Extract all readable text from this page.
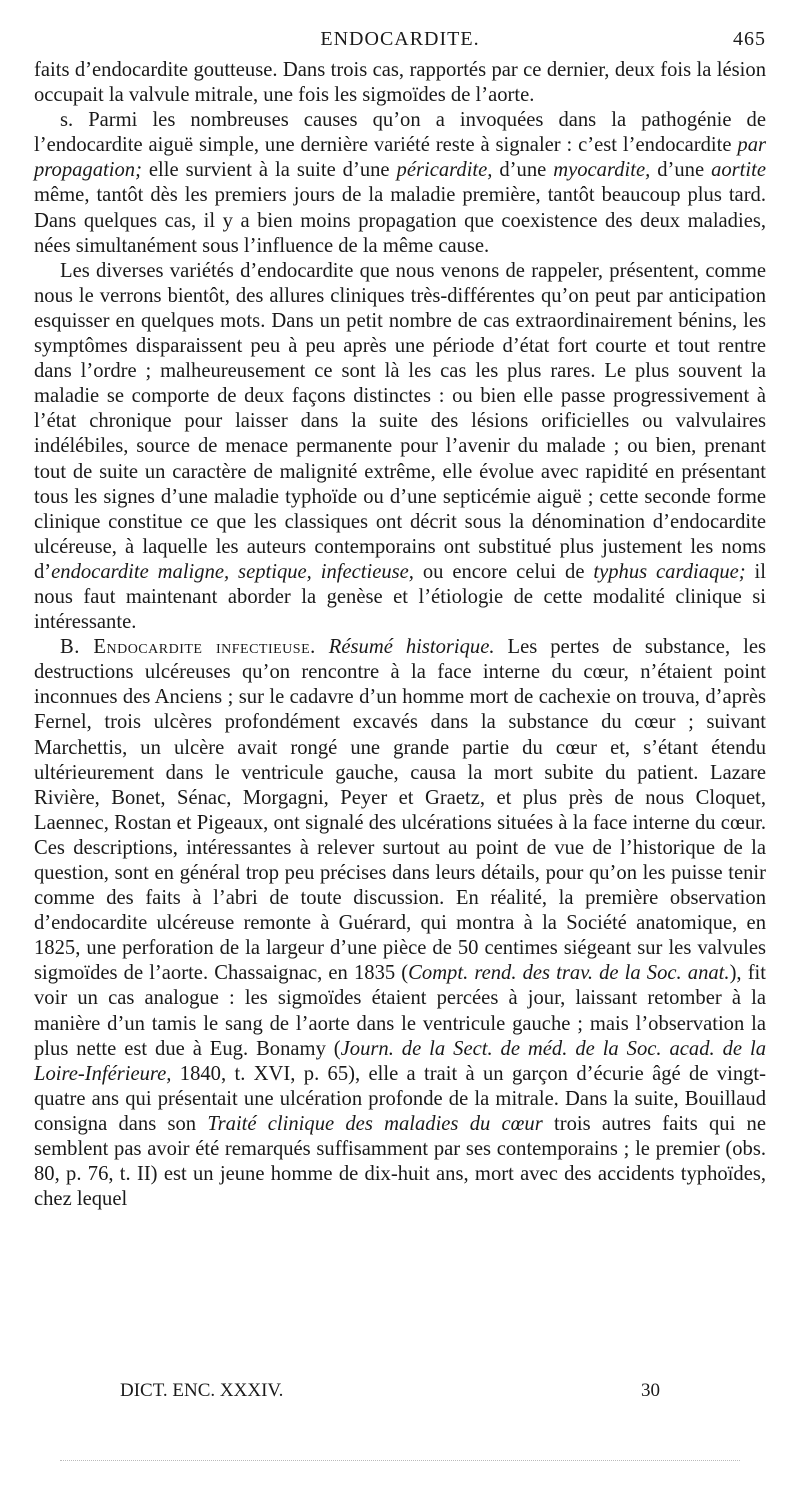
ENDOCARDITE.	465

faits d’endocardite goutteuse. Dans trois cas, rapportés par ce dernier, deux fois la lésion occupait la valvule mitrale, une fois les sigmoïdes de l’aorte.

s. Parmi les nombreuses causes qu’on a invoquées dans la pathogénie de l’endocardite aiguë simple, une dernière variété reste à signaler : c’est l’endocardite par propagation; elle survient à la suite d’une péricardite, d’une myocardite, d’une aortite même, tantôt dès les premiers jours de la maladie première, tantôt beaucoup plus tard. Dans quelques cas, il y a bien moins propagation que coexistence des deux maladies, nées simultanément sous l’influence de la même cause.

Les diverses variétés d’endocardite que nous venons de rappeler, présentent, comme nous le verrons bientôt, des allures cliniques très-différentes qu’on peut par anticipation esquisser en quelques mots. Dans un petit nombre de cas extraordinairement bénins, les symptômes disparaissent peu à peu après une période d’état fort courte et tout rentre dans l’ordre ; malheureusement ce sont là les cas les plus rares. Le plus souvent la maladie se comporte de deux façons distinctes : ou bien elle passe progressivement à l’état chronique pour laisser dans la suite des lésions orificielles ou valvulaires indélébiles, source de menace permanente pour l’avenir du malade ; ou bien, prenant tout de suite un caractère de malignité extrême, elle évolue avec rapidité en présentant tous les signes d’une maladie typhoïde ou d’une septicémie aiguë ; cette seconde forme clinique constitue ce que les classiques ont décrit sous la dénomination d’endocardite ulcéreuse, à laquelle les auteurs contemporains ont substitué plus justement les noms d’endocardite maligne, septique, infectieuse, ou encore celui de typhus cardiaque; il nous faut maintenant aborder la genèse et l’étiologie de cette modalité clinique si intéressante.

B. Endocardite infectieuse. Résumé historique. Les pertes de substance, les destructions ulcéreuses qu’on rencontre à la face interne du cœur, n’étaient point inconnues des Anciens ; sur le cadavre d’un homme mort de cachexie on trouva, d’après Fernel, trois ulcères profondément excavés dans la substance du cœur ; suivant Marchettis, un ulcère avait rongé une grande partie du cœur et, s’étant étendu ultérieurement dans le ventricule gauche, causa la mort subite du patient. Lazare Rivière, Bonet, Sénac, Morgagni, Peyer et Graetz, et plus près de nous Cloquet, Laennec, Rostan et Pigeaux, ont signalé des ulcérations situées à la face interne du cœur. Ces descriptions, intéressantes à relever surtout au point de vue de l’historique de la question, sont en général trop peu précises dans leurs détails, pour qu’on les puisse tenir comme des faits à l’abri de toute discussion. En réalité, la première observation d’endocardite ulcéreuse remonte à Guérard, qui montra à la Société anatomique, en 1825, une perforation de la largeur d’une pièce de 50 centimes siégeant sur les valvules sigmoïdes de l’aorte. Chassaignac, en 1835 (Compt. rend. des trav. de la Soc. anat.), fit voir un cas analogue : les sigmoïdes étaient percées à jour, laissant retomber à la manière d’un tamis le sang de l’aorte dans le ventricule gauche ; mais l’observation la plus nette est due à Eug. Bonamy (Journ. de la Sect. de méd. de la Soc. acad. de la Loire-Inférieure, 1840, t. XVI, p. 65), elle a trait à un garçon d’écurie âgé de vingt-quatre ans qui présentait une ulcération profonde de la mitrale. Dans la suite, Bouillaud consigna dans son Traité clinique des maladies du cœur trois autres faits qui ne semblent pas avoir été remarqués suffisamment par ses contemporains ; le premier (obs. 80, p. 76, t. II) est un jeune homme de dix-huit ans, mort avec des accidents typhoïdes, chez lequel

DICT. ENC. XXXIV.	30
